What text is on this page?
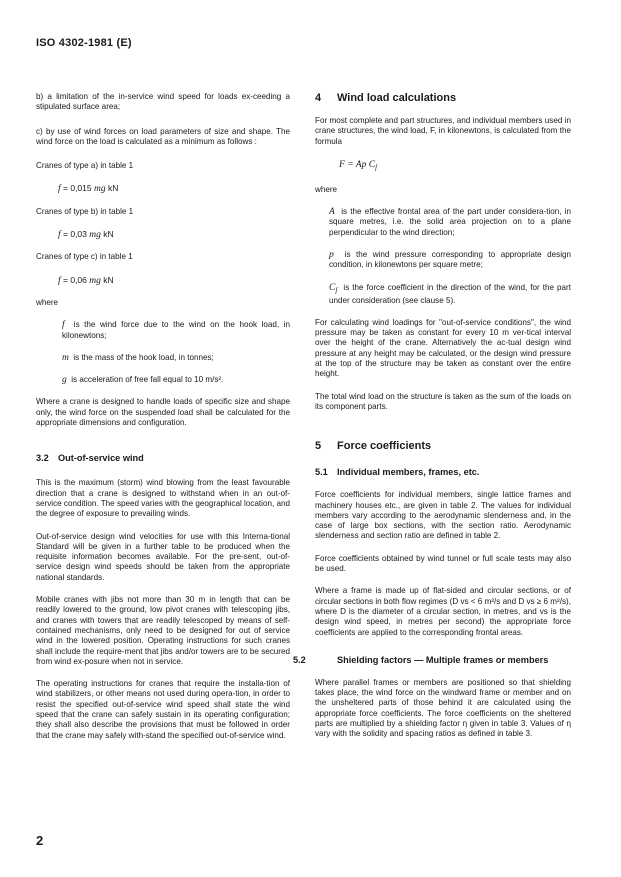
ISO 4302-1981 (E)

b) a limitation of the in-service wind speed for loads ex-ceeding a stipulated surface area;

c) by use of wind forces on load parameters of size and shape. The wind force on the load is calculated as a minimum as follows :

Cranes of type a) in table 1

f = 0,015 mg kN

Cranes of type b) in table 1

f = 0,03 mg kN

Cranes of type c) in table 1

f = 0,06 mg kN

where

f is the wind force due to the wind on the hook load, in kilonewtons;
m is the mass of the hook load, in tonnes;
g is acceleration of free fall equal to 10 m/s².

Where a crane is designed to handle loads of specific size and shape only, the wind force on the suspended load shall be calculated for the appropriate dimensions and configuration.

3.2 Out-of-service wind

This is the maximum (storm) wind blowing from the least favourable direction that a crane is designed to withstand when in an out-of-service condition. The speed varies with the geographical location, and the degree of exposure to prevailing winds.

Out-of-service design wind velocities for use with this Interna-tional Standard will be given in a further table to be produced when the requisite information becomes available. For the pre-sent, out-of-service design wind speeds should be taken from the appropriate national standards.

Mobile cranes with jibs not more than 30 m in length that can be readily lowered to the ground, low pivot cranes with telescoping jibs, and cranes with towers that are readily telescoped by means of self-contained mechanisms, only need to be designed for out of service wind in the lowered position. Operating instructions for such cranes shall include the require-ment that jibs and/or towers are to be secured from wind ex-posure when not in service.

The operating instructions for cranes that require the installa-tion of wind stabilizers, or other means not used during opera-tion, in order to resist the specified out-of-service wind speed shall state the wind speed that the crane can safely sustain in its operating configuration; they shall also describe the provisions that must be followed in order that the crane may safely with-stand the specified out-of-service wind.

4 Wind load calculations

For most complete and part structures, and individual members used in crane structures, the wind load, F, in kilonewtons, is calculated from the formula

F = Ap $C_f$

where

A is the effective frontal area of the part under considera-tion, in square metres, i.e. the solid area projection on to a plane perpendicular to the wind direction;
p is the wind pressure corresponding to appropriate design condition, in kilonewtons per square metre;
$C_f$ is the force coefficient in the direction of the wind, for the part under consideration (see clause 5).

For calculating wind loadings for "out-of-service conditions", the wind pressure may be taken as constant for every 10 m ver-tical interval over the height of the crane. Alternatively the ac-tual design wind pressure at any height may be calculated, or the design wind pressure at the top of the structure may be taken as constant over the entire height.

The total wind load on the structure is taken as the sum of the loads on its component parts.

5 Force coefficients
5.1 Individual members, frames, etc.

Force coefficients for individual members, single lattice frames and machinery houses etc., are given in table 2. The values for individual members vary according to the aerodynamic slenderness and, in the case of large box sections, with the section ratio. Aerodynamic slenderness and section ratio are defined in table 2.

Force coefficients obtained by wind tunnel or full scale tests may also be used.

Where a frame is made up of flat-sided and circular sections, or of circular sections in both flow regimes (D vs < 6 m²/s and D vs ≥ 6 m²/s), where D is the diameter of a circular section, in metres, and vs is the design wind speed, in metres per second) the appropriate force coefficients are applied to the corresponding frontal areas.

5.2	Shielding factors — Multiple frames or members

Where parallel frames or members are positioned so that shielding takes place, the wind force on the windward frame or member and on the unsheltered parts of those behind it are calculated using the appropriate force coefficients. The force coefficients on the sheltered parts are multiplied by a shielding factor η given in table 3. Values of η vary with the solidity and spacing ratios as defined in table 3.

2
